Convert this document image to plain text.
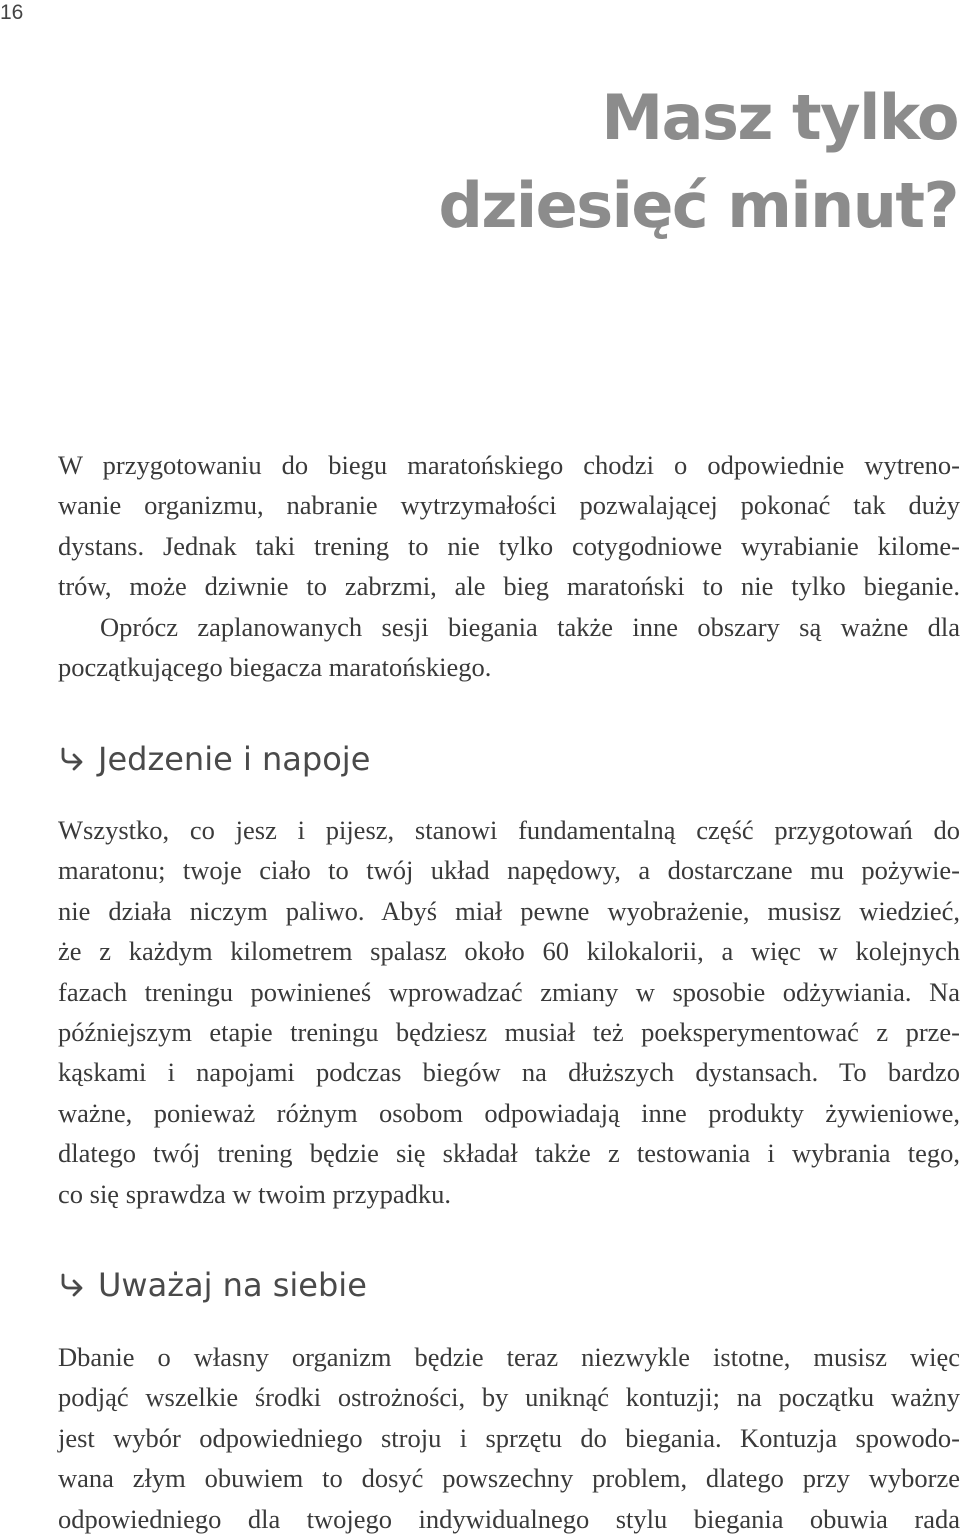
16
Masz tylko
dziesięć minut?

W przygotowaniu do biegu maratońskiego chodzi o odpowiednie wytreno-
wanie organizmu, nabranie wytrzymałości pozwalającej pokonać tak duży
dystans. Jednak taki trening to nie tylko cotygodniowe wyrabianie kilome-
trów, może dziwnie to zabrzmi, ale bieg maratoński to nie tylko bieganie.
Oprócz zaplanowanych sesji biegania także inne obszary są ważne dla
początkującego biegacza maratońskiego.

Jedzenie i napoje

Wszystko, co jesz i pijesz, stanowi fundamentalną część przygotowań do
maratonu; twoje ciało to twój układ napędowy, a dostarczane mu pożywie-
nie działa niczym paliwo. Abyś miał pewne wyobrażenie, musisz wiedzieć,
że z każdym kilometrem spalasz około 60 kilokalorii, a więc w kolejnych
fazach treningu powinieneś wprowadzać zmiany w sposobie odżywiania. Na
późniejszym etapie treningu będziesz musiał też poeksperymentować z prze-
kąskami i napojami podczas biegów na dłuższych dystansach. To bardzo
ważne, ponieważ różnym osobom odpowiadają inne produkty żywieniowe,
dlatego twój trening będzie się składał także z testowania i wybrania tego,
co się sprawdza w twoim przypadku.

Uważaj na siebie

Dbanie o własny organizm będzie teraz niezwykle istotne, musisz więc
podjąć wszelkie środki ostrożności, by uniknąć kontuzji; na początku ważny
jest wybór odpowiedniego stroju i sprzętu do biegania. Kontuzja spowodo-
wana złym obuwiem to dosyć powszechny problem, dlatego przy wyborze
odpowiedniego dla twojego indywidualnego stylu biegania obuwia rada
